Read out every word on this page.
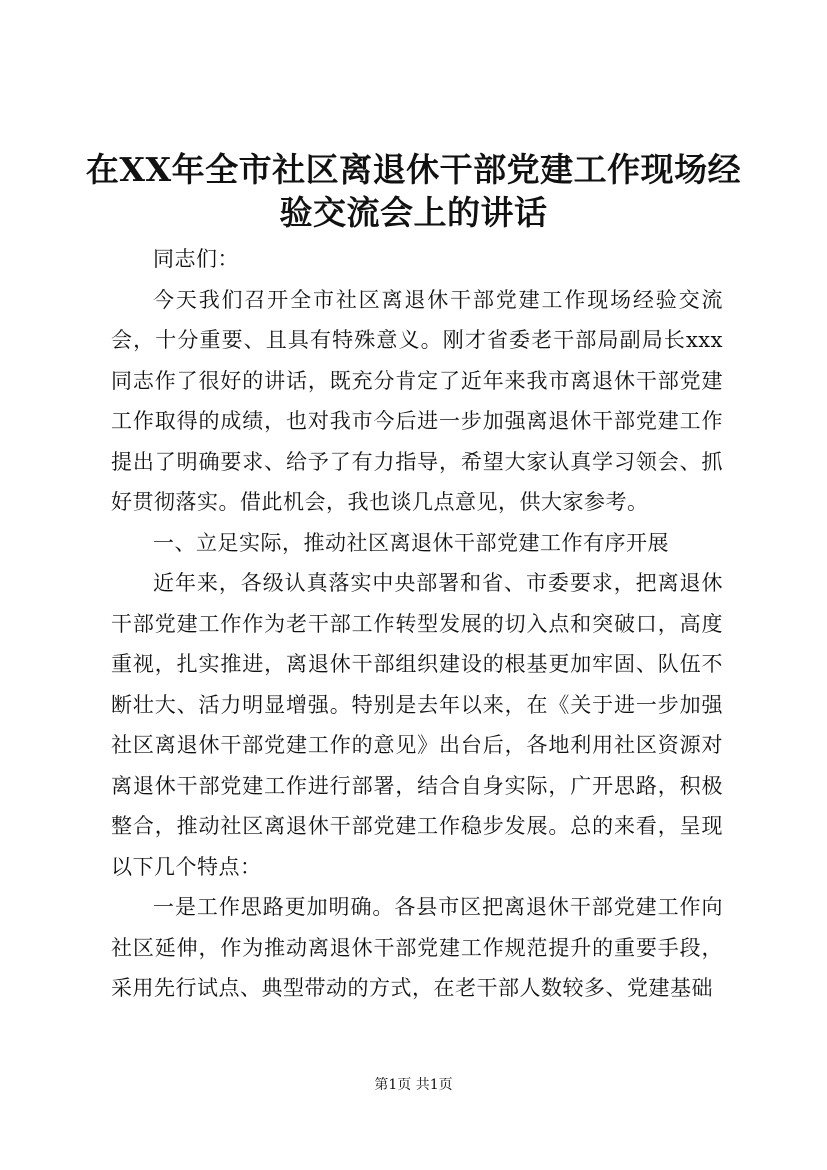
在XX年全市社区离退休干部党建工作现场经
验交流会上的讲话

同志们：

今天我们召开全市社区离退休干部党建工作现场经验交流会，十分重要、且具有特殊意义。刚才省委老干部局副局长xxx同志作了很好的讲话，既充分肯定了近年来我市离退休干部党建工作取得的成绩，也对我市今后进一步加强离退休干部党建工作提出了明确要求、给予了有力指导，希望大家认真学习领会、抓好贯彻落实。借此机会，我也谈几点意见，供大家参考。

一、立足实际，推动社区离退休干部党建工作有序开展

近年来，各级认真落实中央部署和省、市委要求，把离退休干部党建工作作为老干部工作转型发展的切入点和突破口，高度重视，扎实推进，离退休干部组织建设的根基更加牢固、队伍不断壮大、活力明显增强。特别是去年以来，在《关于进一步加强社区离退休干部党建工作的意见》出台后，各地利用社区资源对离退休干部党建工作进行部署，结合自身实际，广开思路，积极整合，推动社区离退休干部党建工作稳步发展。总的来看，呈现以下几个特点：

一是工作思路更加明确。各县市区把离退休干部党建工作向社区延伸，作为推动离退休干部党建工作规范提升的重要手段，采用先行试点、典型带动的方式，在老干部人数较多、党建基础

第1页 共1页
